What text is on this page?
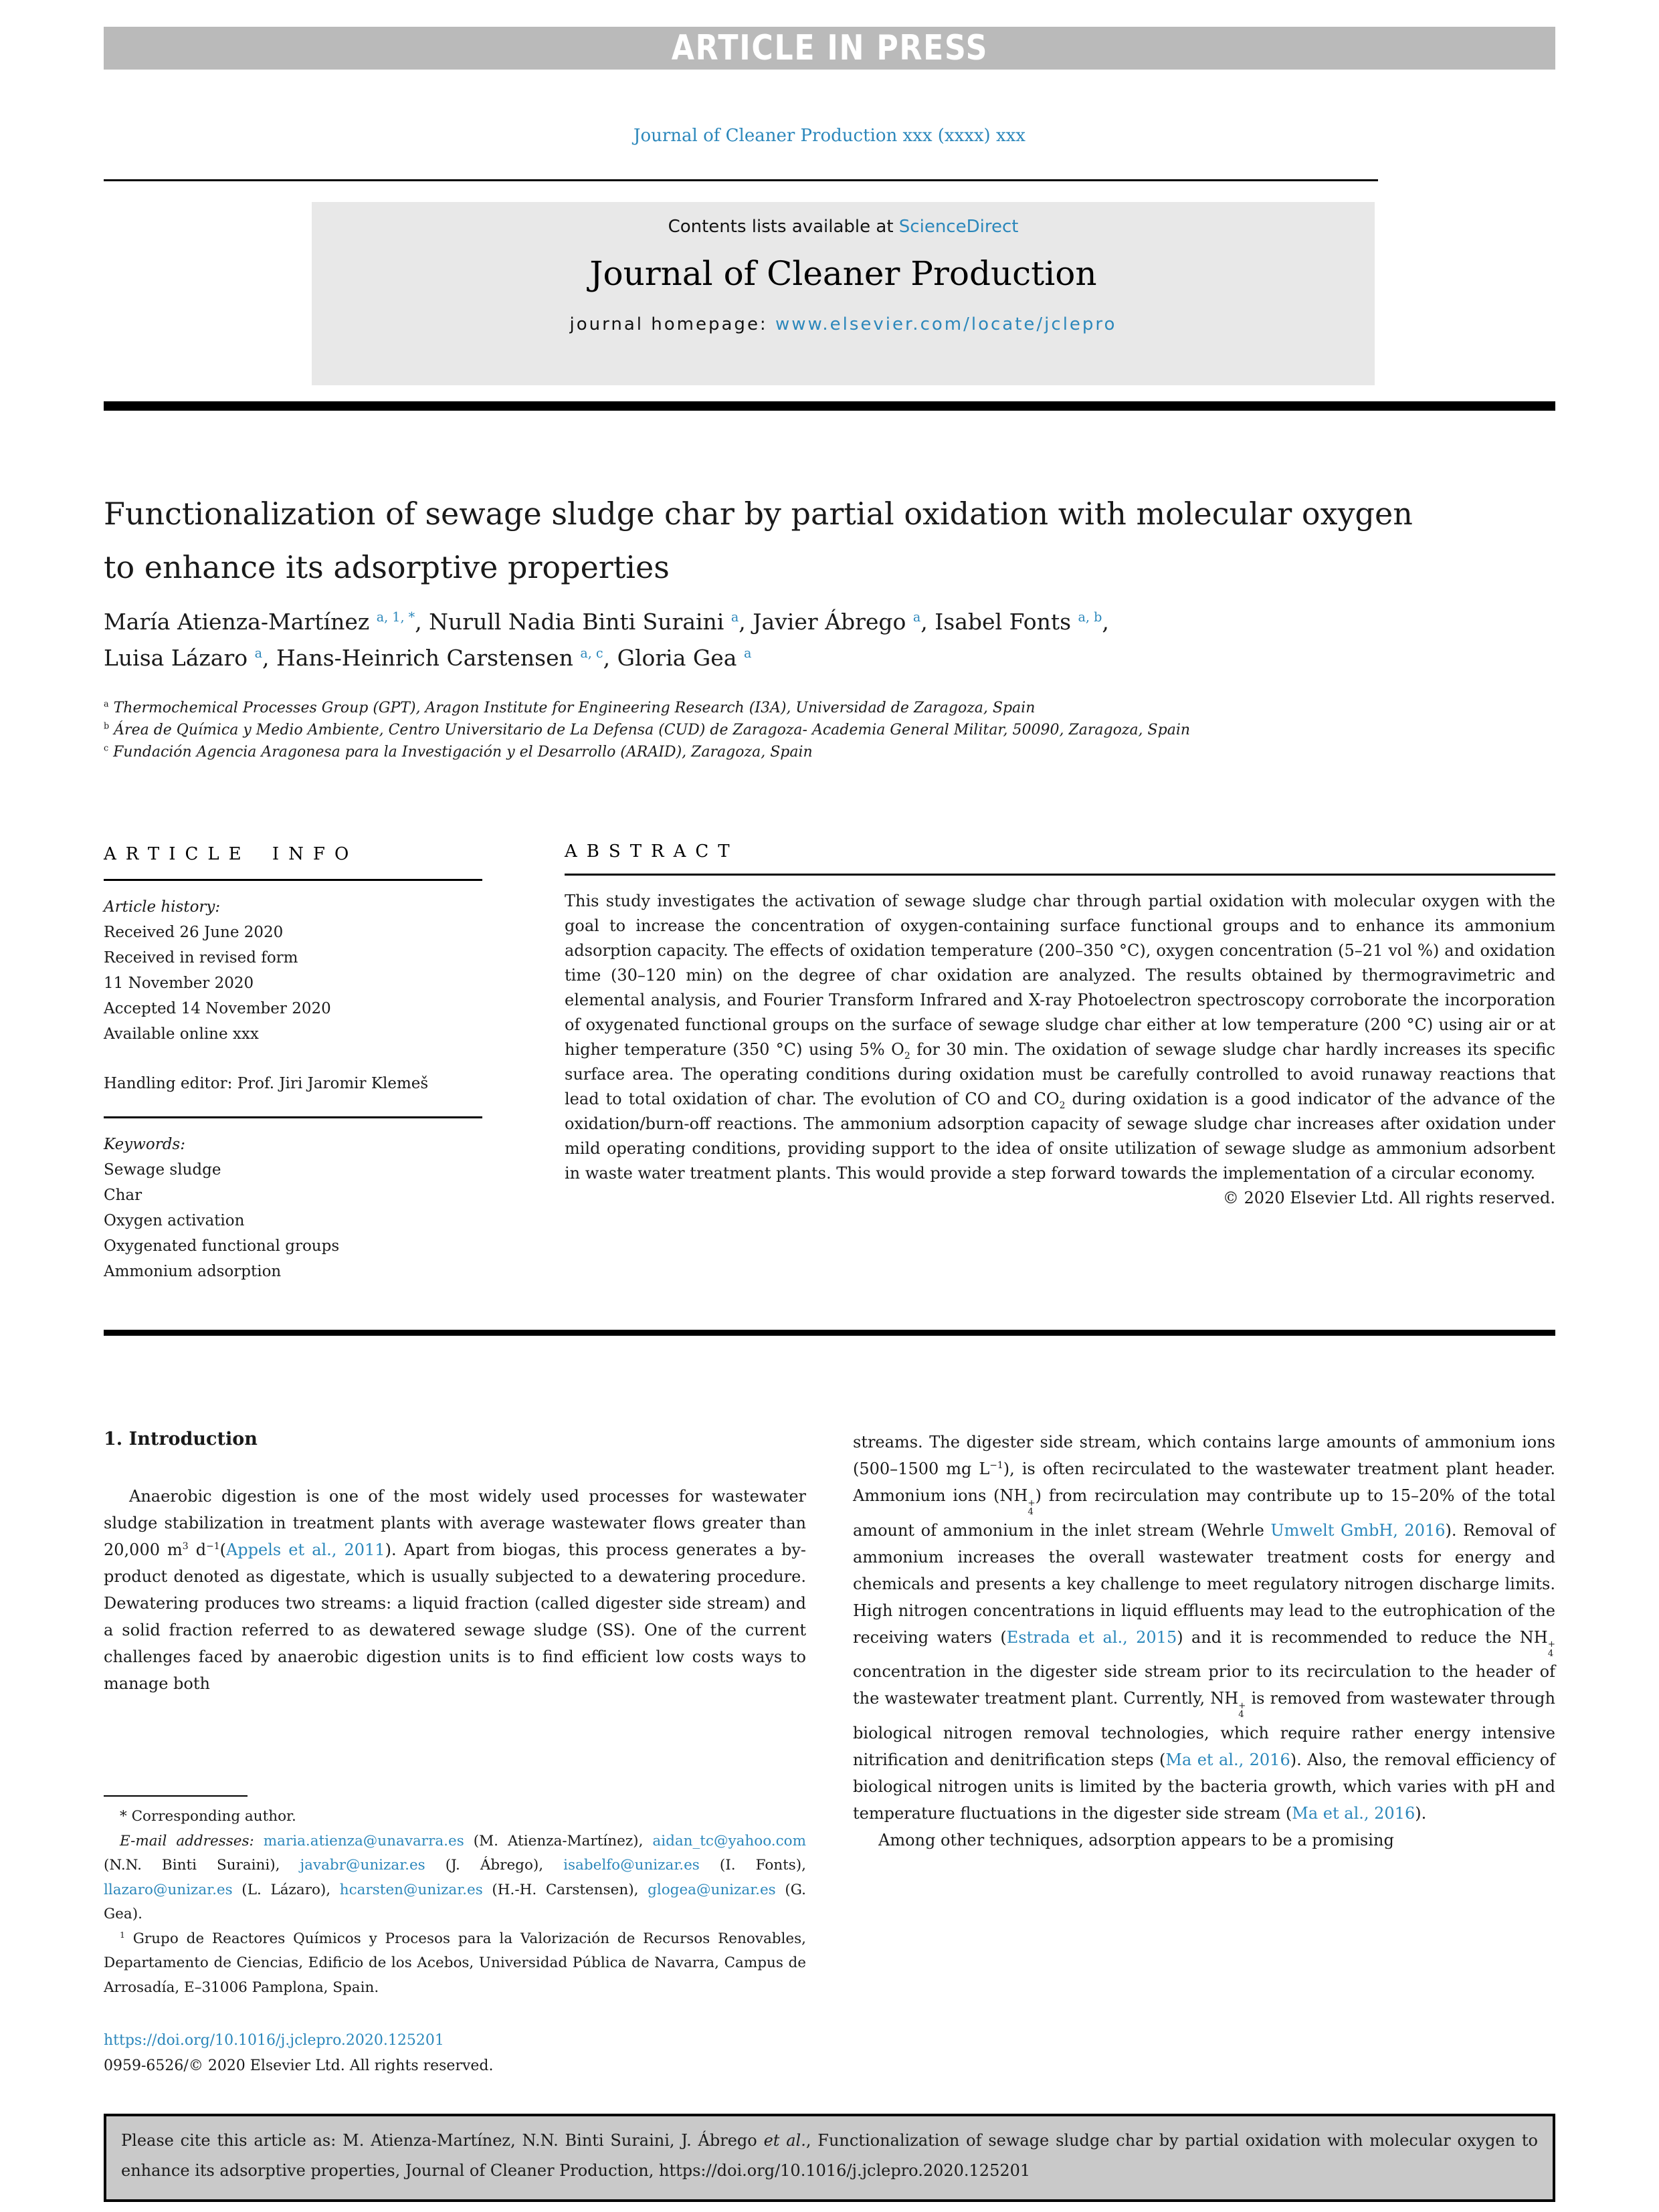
ARTICLE IN PRESS
Journal of Cleaner Production xxx (xxxx) xxx
Contents lists available at ScienceDirect
Journal of Cleaner Production
journal homepage: www.elsevier.com/locate/jclepro
Functionalization of sewage sludge char by partial oxidation with molecular oxygen to enhance its adsorptive properties
María Atienza-Martínez $^{a, 1, *}$, Nurull Nadia Binti Suraini $^a$, Javier Ábrego $^a$, Isabel Fonts $^{a, b}$,
Luisa Lázaro $^a$, Hans-Heinrich Carstensen $^{a, c}$, Gloria Gea $^a$
$^a$ Thermochemical Processes Group (GPT), Aragon Institute for Engineering Research (I3A), Universidad de Zaragoza, Spain
$^b$ Área de Química y Medio Ambiente, Centro Universitario de La Defensa (CUD) de Zaragoza- Academia General Militar, 50090, Zaragoza, Spain
$^c$ Fundación Agencia Aragonesa para la Investigación y el Desarrollo (ARAID), Zaragoza, Spain
ARTICLE INFO

Article history:

Received 26 June 2020
Received in revised form
11 November 2020
Accepted 14 November 2020
Available online xxx

Handling editor: Prof. Jiri Jaromir Klemeš

Keywords:

Sewage sludge
Char
Oxygen activation
Oxygenated functional groups
Ammonium adsorption
ABSTRACT

This study investigates the activation of sewage sludge char through partial oxidation with molecular oxygen with the goal to increase the concentration of oxygen-containing surface functional groups and to enhance its ammonium adsorption capacity. The effects of oxidation temperature (200–350 °C), oxygen concentration (5–21 vol %) and oxidation time (30–120 min) on the degree of char oxidation are analyzed. The results obtained by thermogravimetric and elemental analysis, and Fourier Transform Infrared and X-ray Photoelectron spectroscopy corroborate the incorporation of oxygenated functional groups on the surface of sewage sludge char either at low temperature (200 °C) using air or at higher temperature (350 °C) using 5% $O_2$ for 30 min. The oxidation of sewage sludge char hardly increases its specific surface area. The operating conditions during oxidation must be carefully controlled to avoid runaway reactions that lead to total oxidation of char. The evolution of CO and $CO_2$ during oxidation is a good indicator of the advance of the oxidation/burn-off reactions. The ammonium adsorption capacity of sewage sludge char increases after oxidation under mild operating conditions, providing support to the idea of onsite utilization of sewage sludge as ammonium adsorbent in waste water treatment plants. This would provide a step forward towards the implementation of a circular economy.

© 2020 Elsevier Ltd. All rights reserved.

1. Introduction

Anaerobic digestion is one of the most widely used processes for wastewater sludge stabilization in treatment plants with average wastewater flows greater than 20,000 $m^3$ $d^{-1}(Appels$ et al., 2011). Apart from biogas, this process generates a by-product denoted as digestate, which is usually subjected to a dewatering procedure. Dewatering produces two streams: a liquid fraction (called digester side stream) and a solid fraction referred to as dewatered sewage sludge (SS). One of the current challenges faced by anaerobic digestion units is to find efficient low costs ways to manage both

streams. The digester side stream, which contains large amounts of ammonium ions (500–1500 mg $L^{-1}$), is often recirculated to the wastewater treatment plant header. Ammonium ions (NH +
4
) from recirculation may contribute up to 15–20% of the total amount of ammonium in the inlet stream (Wehrle Umwelt GmbH, 2016). Removal of ammonium increases the overall wastewater treatment costs for energy and chemicals and presents a key challenge to meet regulatory nitrogen discharge limits. High nitrogen concentrations in liquid effluents may lead to the eutrophication of the receiving waters (Estrada et al., 2015) and it is recommended to reduce the NH +
4
concentration in the digester side stream prior to its recirculation to the header of the wastewater treatment plant. Currently, NH +
4
is removed from wastewater through biological nitrogen removal technologies, which require rather energy intensive nitrification and denitrification steps (Ma et al., 2016). Also, the removal efficiency of biological nitrogen units is limited by the bacteria growth, which varies with pH and temperature fluctuations in the digester side stream (Ma et al., 2016).

Among other techniques, adsorption appears to be a promising

* Corresponding author.

E-mail addresses: maria.atienza@unavarra.es (M. Atienza-Martínez), aidan_tc@yahoo.com (N.N. Binti Suraini), javabr@unizar.es (J. Ábrego), isabelfo@unizar.es (I. Fonts), llazaro@unizar.es (L. Lázaro), hcarsten@unizar.es (H.-H. Carstensen), glogea@unizar.es (G. Gea).

$^1$ Grupo de Reactores Químicos y Procesos para la Valorización de Recursos Renovables, Departamento de Ciencias, Edificio de los Acebos, Universidad Pública de Navarra, Campus de Arrosadía, E–31006 Pamplona, Spain.

https://doi.org/10.1016/j.jclepro.2020.125201
0959-6526/© 2020 Elsevier Ltd. All rights reserved.

Please cite this article as: M. Atienza-Martínez, N.N. Binti Suraini, J. Ábrego et al., Functionalization of sewage sludge char by partial oxidation with molecular oxygen to enhance its adsorptive properties, Journal of Cleaner Production, https://doi.org/10.1016/j.jclepro.2020.125201
